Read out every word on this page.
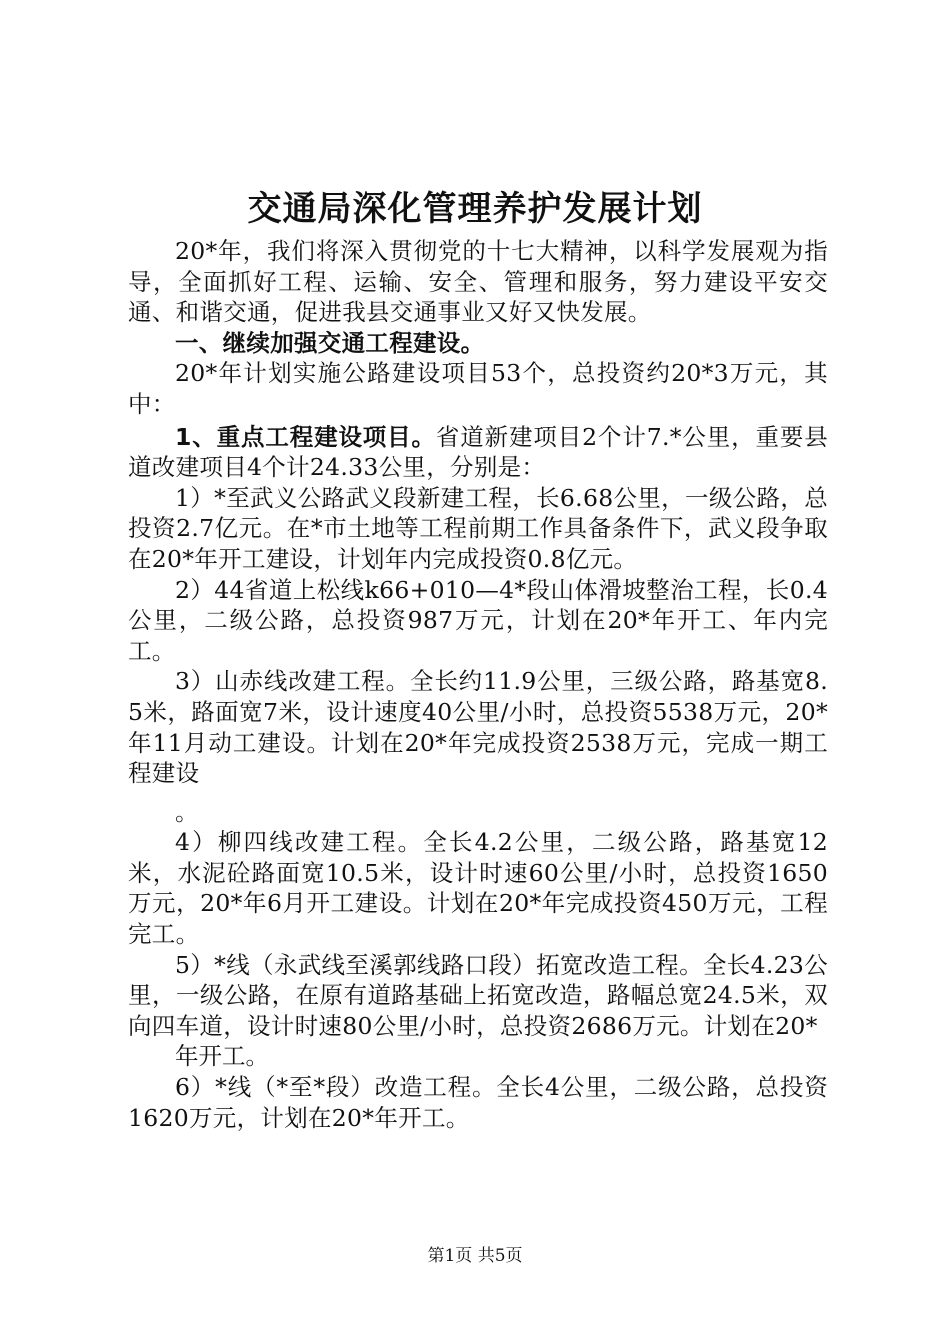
交通局深化管理养护发展计划

20*年，我们将深入贯彻党的十七大精神，以科学发展观为指导，全面抓好工程、运输、安全、管理和服务，努力建设平安交通、和谐交通，促进我县交通事业又好又快发展。

一、继续加强交通工程建设。

20*年计划实施公路建设项目53个，总投资约20*3万元，其中：

1、重点工程建设项目。省道新建项目2个计7.*公里，重要县道改建项目4个计24.33公里，分别是：

1）*至武义公路武义段新建工程，长6.68公里，一级公路，总投资2.7亿元。在*市土地等工程前期工作具备条件下，武义段争取在20*年开工建设，计划年内完成投资0.8亿元。

2）44省道上松线k66+010—4*段山体滑坡整治工程，长0.4公里，二级公路，总投资987万元，计划在20*年开工、年内完工。

3）山赤线改建工程。全长约11.9公里，三级公路，路基宽8.5米，路面宽7米，设计速度40公里/小时，总投资5538万元，20*年11月动工建设。计划在20*年完成投资2538万元，完成一期工程建设

。

4）柳四线改建工程。全长4.2公里，二级公路，路基宽12米，水泥砼路面宽10.5米，设计时速60公里/小时，总投资1650万元，20*年6月开工建设。计划在20*年完成投资450万元，工程完工。

5）*线（永武线至溪郭线路口段）拓宽改造工程。全长4.23公里，一级公路，在原有道路基础上拓宽改造，路幅总宽24.5米，双向四车道，设计时速80公里/小时，总投资2686万元。计划在20*

年开工。

6）*线（*至*段）改造工程。全长4公里，二级公路，总投资1620万元，计划在20*年开工。

第1页 共5页
